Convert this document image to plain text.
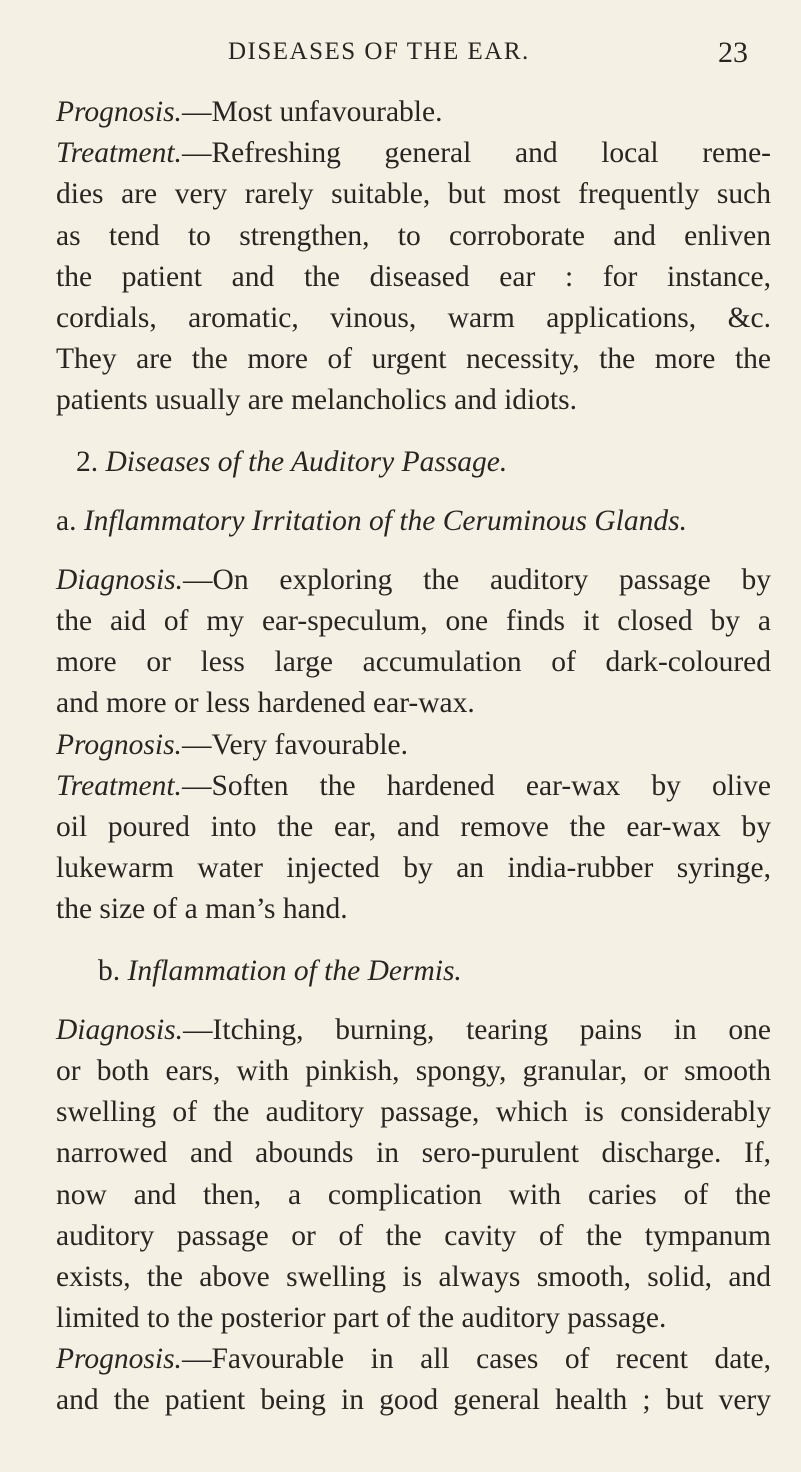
DISEASES OF THE EAR.	23
Prognosis.—Most unfavourable.
Treatment.—Refreshing general and local reme-
dies are very rarely suitable, but most frequently such
as tend to strengthen, to corroborate and enliven
the patient and the diseased ear : for instance,
cordials, aromatic, vinous, warm applications, &c.
They are the more of urgent necessity, the more the
patients usually are melancholics and idiots.
2. Diseases of the Auditory Passage.
a. Inflammatory Irritation of the Ceruminous Glands.
Diagnosis.—On exploring the auditory passage by
the aid of my ear-speculum, one finds it closed by a
more or less large accumulation of dark-coloured
and more or less hardened ear-wax.
Prognosis.—Very favourable.
Treatment.—Soften the hardened ear-wax by olive
oil poured into the ear, and remove the ear-wax by
lukewarm water injected by an india-rubber syringe,
the size of a man’s hand.
b. Inflammation of the Dermis.
Diagnosis.—Itching, burning, tearing pains in one
or both ears, with pinkish, spongy, granular, or smooth
swelling of the auditory passage, which is considerably
narrowed and abounds in sero-purulent discharge. If,
now and then, a complication with caries of the
auditory passage or of the cavity of the tympanum
exists, the above swelling is always smooth, solid, and
limited to the posterior part of the auditory passage.
Prognosis.—Favourable in all cases of recent date,
and the patient being in good general health ; but very
